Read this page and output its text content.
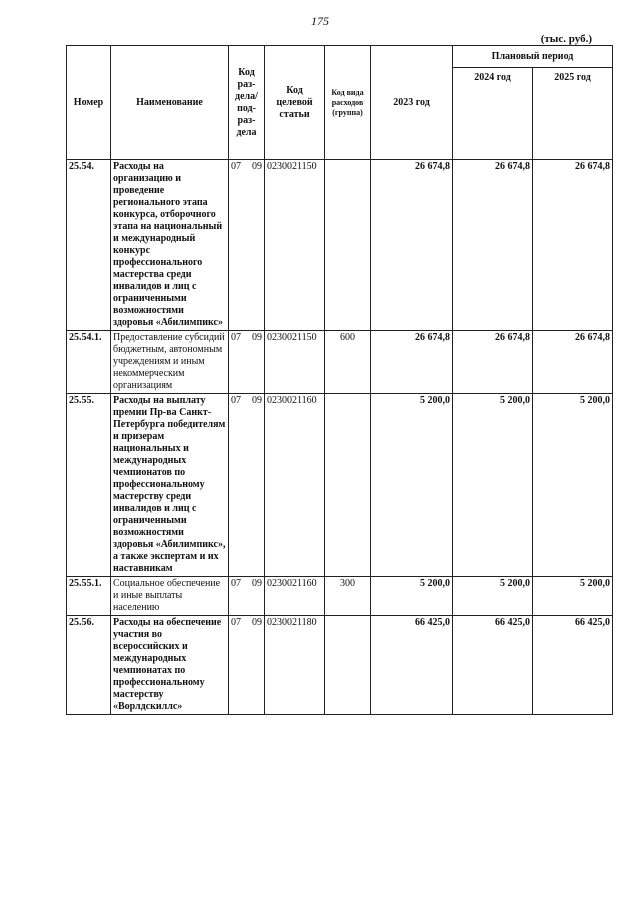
175
(тыс. руб.)
Номер	Наименование	Код раз-дела/ под-раз-дела	Код целевой статьи	Код вида расходов (группа)	2023 год	Плановый период	
						2024 год	2025 год
25.54.	Расходы на организацию и проведение регионального этапа конкурса, отборочного этапа на национальный и международный конкурс профессионального мастерства среди инвалидов и лиц с ограниченными возможностями здоровья «Абилимпикс»	07 09	0230021150		26 674,8	26 674,8	26 674,8
25.54.1.	Предоставление субсидий бюджетным, автономным учреждениям и иным некоммерческим организациям	07 09	0230021150	600	26 674,8	26 674,8	26 674,8
25.55.	Расходы на выплату премии Пр-ва Санкт-Петербурга победителям и призерам национальных и международных чемпионатов по профессиональному мастерству среди инвалидов и лиц с ограниченными возможностями здоровья «Абилимпикс», а также экспертам и их наставникам	07 09	0230021160		5 200,0	5 200,0	5 200,0
25.55.1.	Социальное обеспечение и иные выплаты населению	07 09	0230021160	300	5 200,0	5 200,0	5 200,0
25.56.	Расходы на обеспечение участия во всероссийских и международных чемпионатах по профессиональному мастерству «Ворлдскиллс»	07 09	0230021180		66 425,0	66 425,0	66 425,0
